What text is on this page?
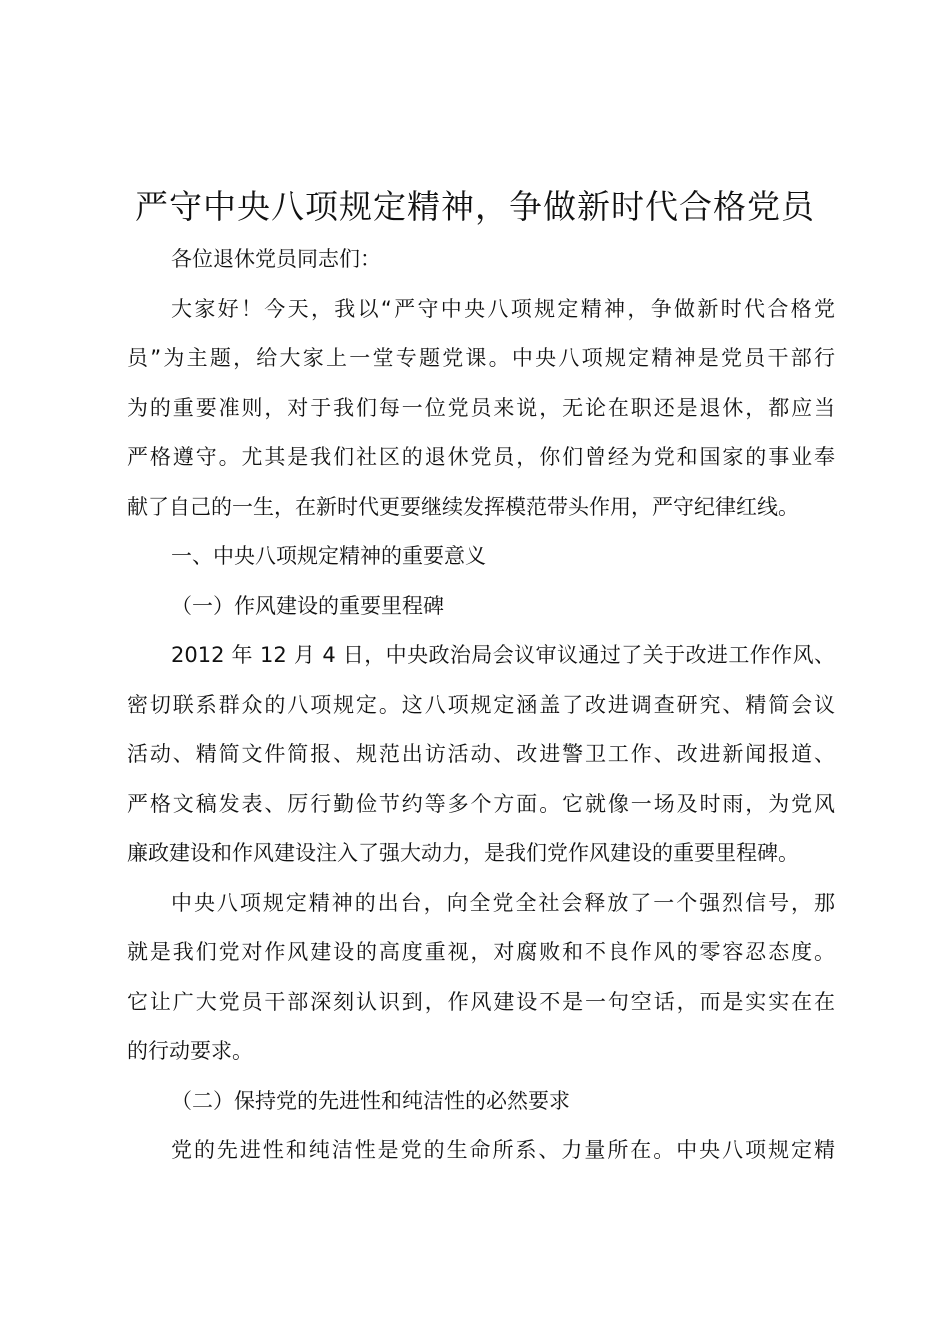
严守中央八项规定精神，争做新时代合格党员

各位退休党员同志们：

大家好！今天，我以“严守中央八项规定精神，争做新时代合格党
员”为主题，给大家上一堂专题党课。中央八项规定精神是党员干部行
为的重要准则，对于我们每一位党员来说，无论在职还是退休，都应当
严格遵守。尤其是我们社区的退休党员，你们曾经为党和国家的事业奉
献了自己的一生，在新时代更要继续发挥模范带头作用，严守纪律红线。

一、中央八项规定精神的重要意义

（一）作风建设的重要里程碑

2012 年 12 月 4 日，中央政治局会议审议通过了关于改进工作作风、
密切联系群众的八项规定。这八项规定涵盖了改进调查研究、精简会议
活动、精简文件简报、规范出访活动、改进警卫工作、改进新闻报道、
严格文稿发表、厉行勤俭节约等多个方面。它就像一场及时雨，为党风
廉政建设和作风建设注入了强大动力，是我们党作风建设的重要里程碑。

中央八项规定精神的出台，向全党全社会释放了一个强烈信号，那
就是我们党对作风建设的高度重视，对腐败和不良作风的零容忍态度。
它让广大党员干部深刻认识到，作风建设不是一句空话，而是实实在在
的行动要求。

（二）保持党的先进性和纯洁性的必然要求

党的先进性和纯洁性是党的生命所系、力量所在。中央八项规定精
